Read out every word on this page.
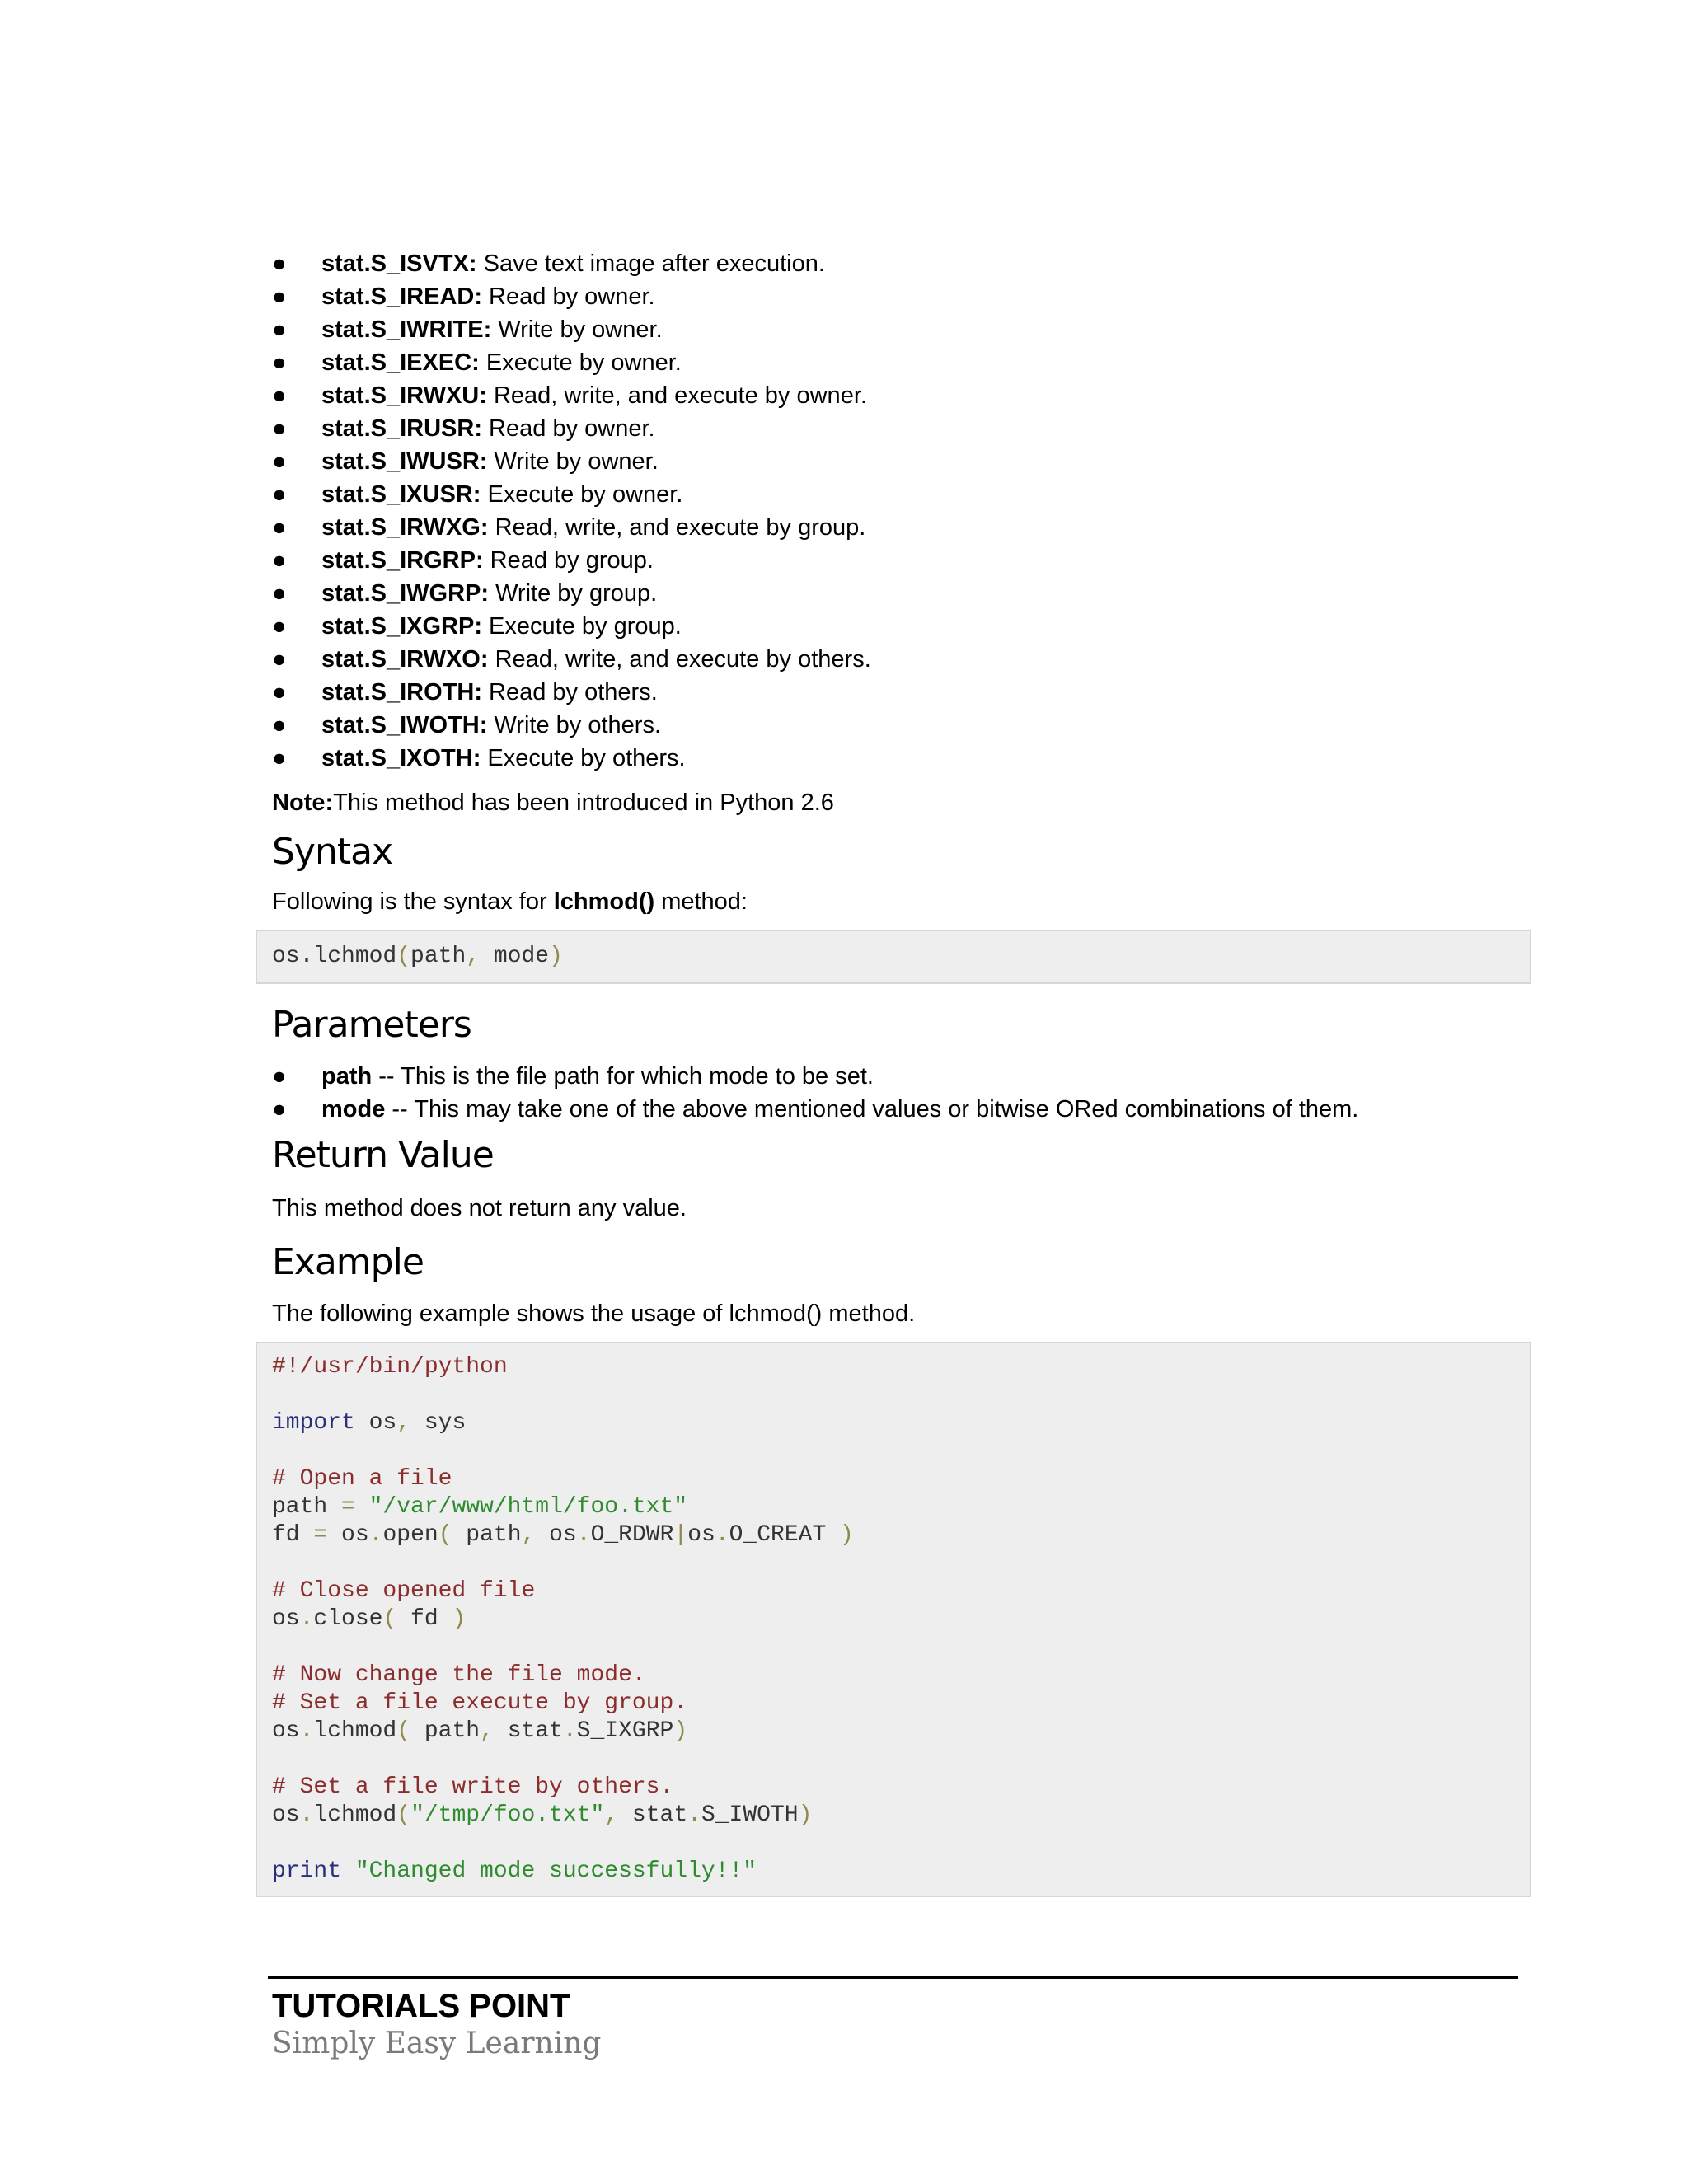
● stat.S_ISVTX: Save text image after execution.
● stat.S_IREAD: Read by owner.
● stat.S_IWRITE: Write by owner.
● stat.S_IEXEC: Execute by owner.
● stat.S_IRWXU: Read, write, and execute by owner.
● stat.S_IRUSR: Read by owner.
● stat.S_IWUSR: Write by owner.
● stat.S_IXUSR: Execute by owner.
● stat.S_IRWXG: Read, write, and execute by group.
● stat.S_IRGRP: Read by group.
● stat.S_IWGRP: Write by group.
● stat.S_IXGRP: Execute by group.
● stat.S_IRWXO: Read, write, and execute by others.
● stat.S_IROTH: Read by others.
● stat.S_IWOTH: Write by others.
● stat.S_IXOTH: Execute by others.
Note:This method has been introduced in Python 2.6
Syntax
Following is the syntax for lchmod() method:
os.lchmod(path, mode)
Parameters
● path -- This is the file path for which mode to be set.
● mode -- This may take one of the above mentioned values or bitwise ORed combinations of them.
Return Value
This method does not return any value.
Example
The following example shows the usage of lchmod() method.
#!/usr/bin/python
import os, sys
# Open a file
path = "/var/www/html/foo.txt"
fd = os.open( path, os.O_RDWR|os.O_CREAT )
# Close opened file
os.close( fd )
# Now change the file mode.
# Set a file execute by group.
os.lchmod( path, stat.S_IXGRP)
# Set a file write by others.
os.lchmod("/tmp/foo.txt", stat.S_IWOTH)
print "Changed mode successfully!!"
TUTORIALS POINT
Simply Easy Learning
